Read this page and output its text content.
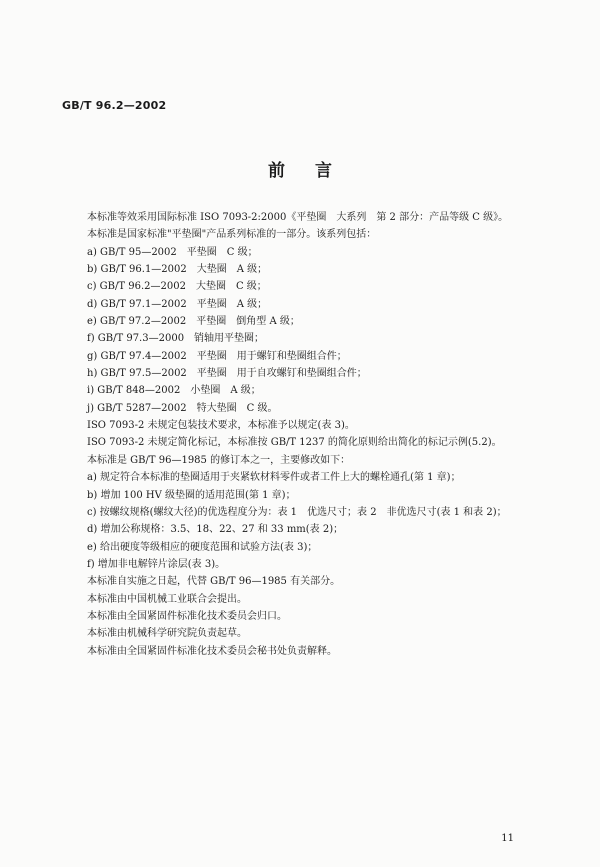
GB/T 96.2—2002
前言
本标准等效采用国际标准 ISO 7093-2:2000《平垫圈　大系列　第 2 部分：产品等级 C 级》。
本标准是国家标准"平垫圈"产品系列标准的一部分。该系列包括：
a) GB/T 95—2002　平垫圈　C 级；
b) GB/T 96.1—2002　大垫圈　A 级；
c) GB/T 96.2—2002　大垫圈　C 级；
d) GB/T 97.1—2002　平垫圈　A 级；
e) GB/T 97.2—2002　平垫圈　倒角型 A 级；
f) GB/T 97.3—2000　销轴用平垫圈；
g) GB/T 97.4—2002　平垫圈　用于螺钉和垫圈组合件；
h) GB/T 97.5—2002　平垫圈　用于自攻螺钉和垫圈组合件；
i) GB/T 848—2002　小垫圈　A 级；
j) GB/T 5287—2002　特大垫圈　C 级。
ISO 7093-2 未规定包装技术要求，本标准予以规定(表 3)。
ISO 7093-2 未规定简化标记，本标准按 GB/T 1237 的简化原则给出简化的标记示例(5.2)。
本标准是 GB/T 96—1985 的修订本之一，主要修改如下：
a) 规定符合本标准的垫圈适用于夹紧软材料零件或者工件上大的螺栓通孔(第 1 章)；
b) 增加 100 HV 级垫圈的适用范围(第 1 章)；
c) 按螺纹规格(螺纹大径)的优选程度分为：表 1　优选尺寸；表 2　非优选尺寸(表 1 和表 2)；
d) 增加公称规格：3.5、18、22、27 和 33 mm(表 2)；
e) 给出硬度等级相应的硬度范围和试验方法(表 3)；
f) 增加非电解锌片涂层(表 3)。
本标准自实施之日起，代替 GB/T 96—1985 有关部分。
本标准由中国机械工业联合会提出。
本标准由全国紧固件标准化技术委员会归口。
本标准由机械科学研究院负责起草。
本标准由全国紧固件标准化技术委员会秘书处负责解释。
11
